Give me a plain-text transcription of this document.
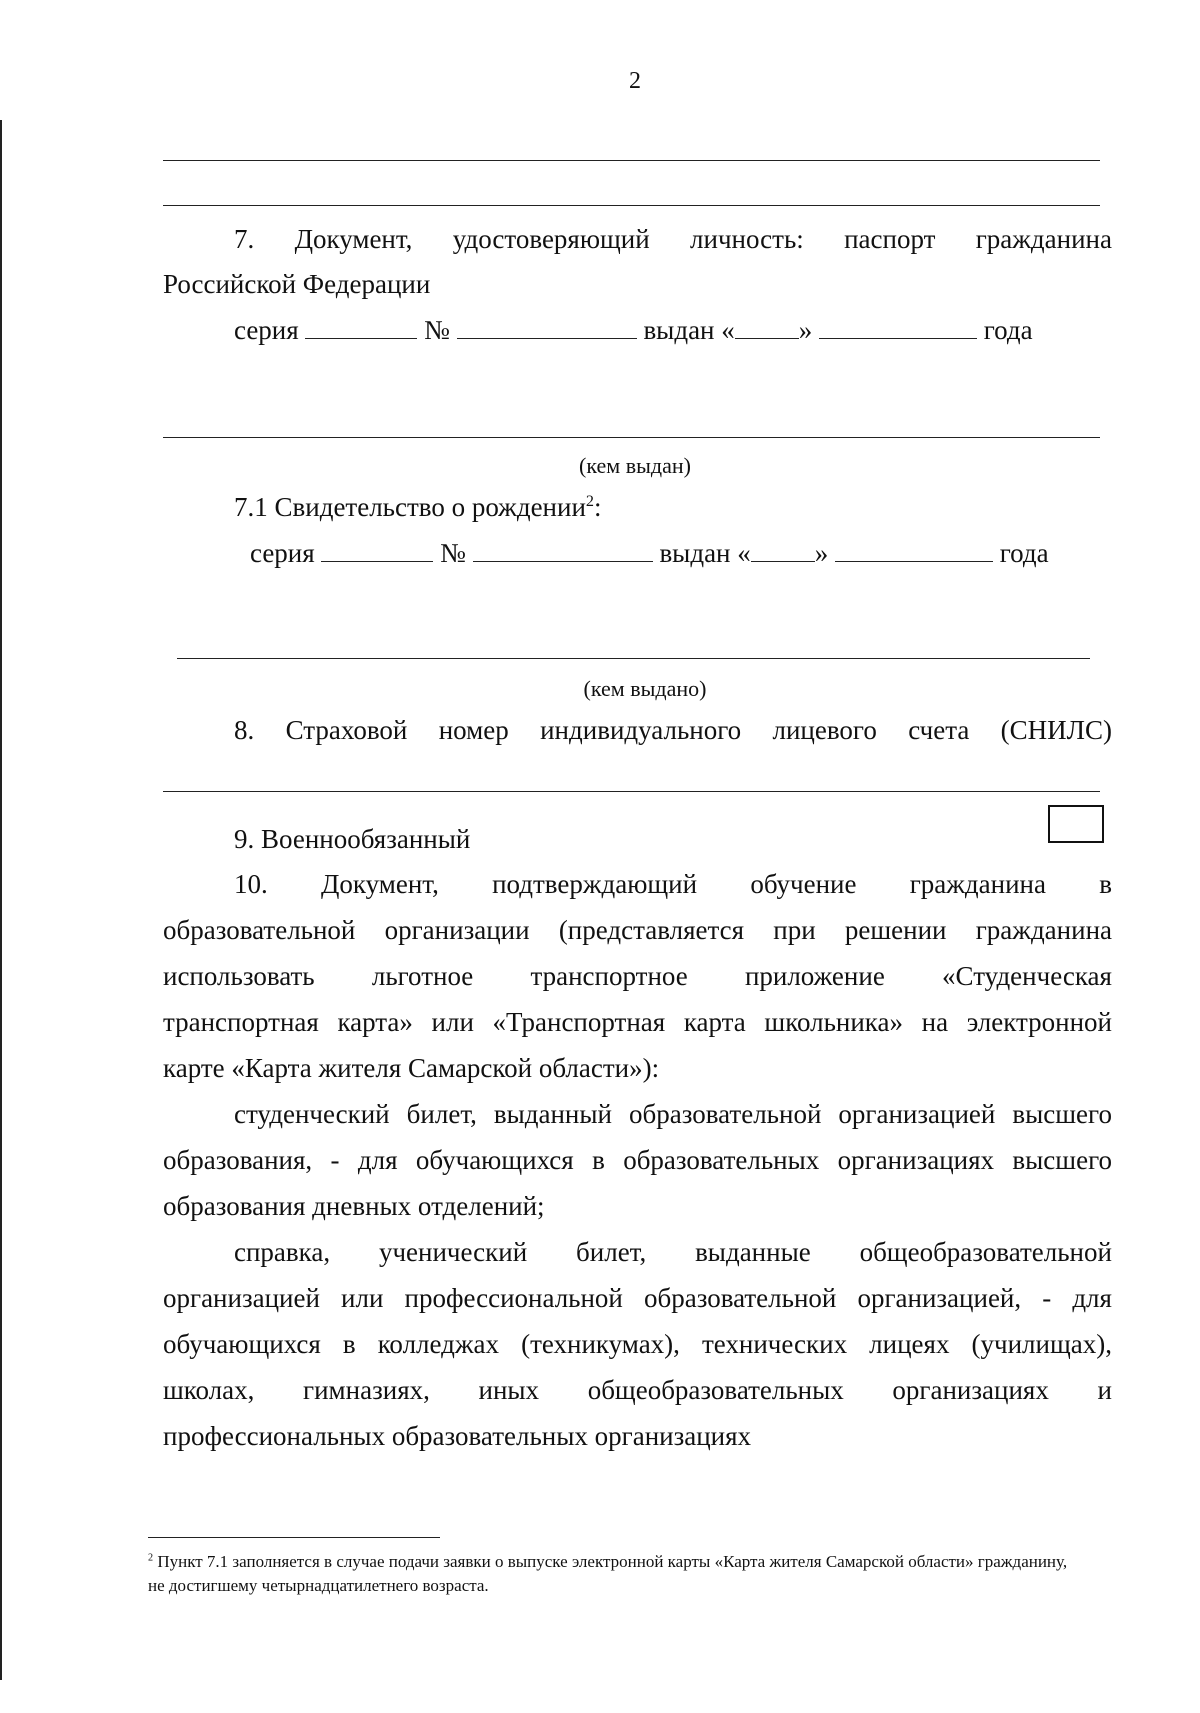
2
7. Документ, удостоверяющий личность: паспорт гражданина
Российской Федерации
серия	№	выдан « »	года
(кем выдан)
7.1 Свидетельство о рождении$^2$:
серия	№	выдан « »	года
(кем выдано)
8. Страховой номер индивидуального лицевого счета (СНИЛС)
9. Военнообязанный
10. Документ, подтверждающий обучение гражданина в
образовательной организации (представляется при решении гражданина
использовать льготное транспортное приложение «Студенческая
транспортная карта» или «Транспортная карта школьника» на электронной
карте «Карта жителя Самарской области»):
студенческий билет, выданный образовательной организацией высшего
образования, - для обучающихся в образовательных организациях высшего
образования дневных отделений;
справка, ученический билет, выданные общеобразовательной
организацией или профессиональной образовательной организацией, - для
обучающихся в колледжах (техникумах), технических лицеях (училищах),
школах, гимназиях, иных общеобразовательных организациях и
профессиональных образовательных организациях
$^2$ Пункт 7.1 заполняется в случае подачи заявки о выпуске электронной карты «Карта жителя Самарской области» гражданину, не достигшему четырнадцатилетнего возраста.
